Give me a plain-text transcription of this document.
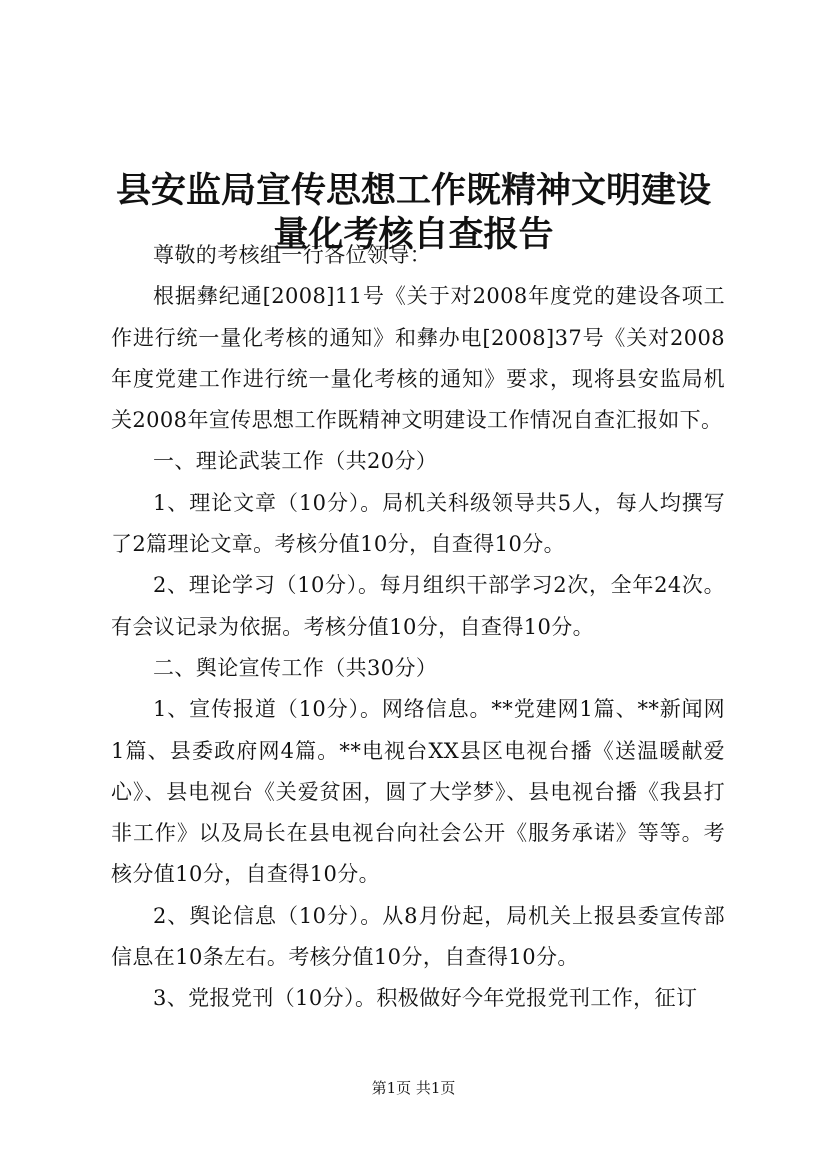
县安监局宣传思想工作既精神文明建设量化考核自查报告

尊敬的考核组一行各位领导：

根据彝纪通[2008]11号《关于对2008年度党的建设各项工作进行统一量化考核的通知》和彝办电[2008]37号《关对2008年度党建工作进行统一量化考核的通知》要求，现将县安监局机关2008年宣传思想工作既精神文明建设工作情况自查汇报如下。

一、理论武装工作（共20分）

1、理论文章（10分）。局机关科级领导共5人，每人均撰写了2篇理论文章。考核分值10分，自查得10分。

2、理论学习（10分）。每月组织干部学习2次，全年24次。有会议记录为依据。考核分值10分，自查得10分。

二、舆论宣传工作（共30分）

1、宣传报道（10分）。网络信息。**党建网1篇、**新闻网1篇、县委政府网4篇。**电视台XX县区电视台播《送温暖献爱心》、县电视台《关爱贫困，圆了大学梦》、县电视台播《我县打非工作》以及局长在县电视台向社会公开《服务承诺》等等。考核分值10分，自查得10分。

2、舆论信息（10分）。从8月份起，局机关上报县委宣传部信息在10条左右。考核分值10分，自查得10分。

3、党报党刊（10分）。积极做好今年党报党刊工作，征订

第1页 共1页
